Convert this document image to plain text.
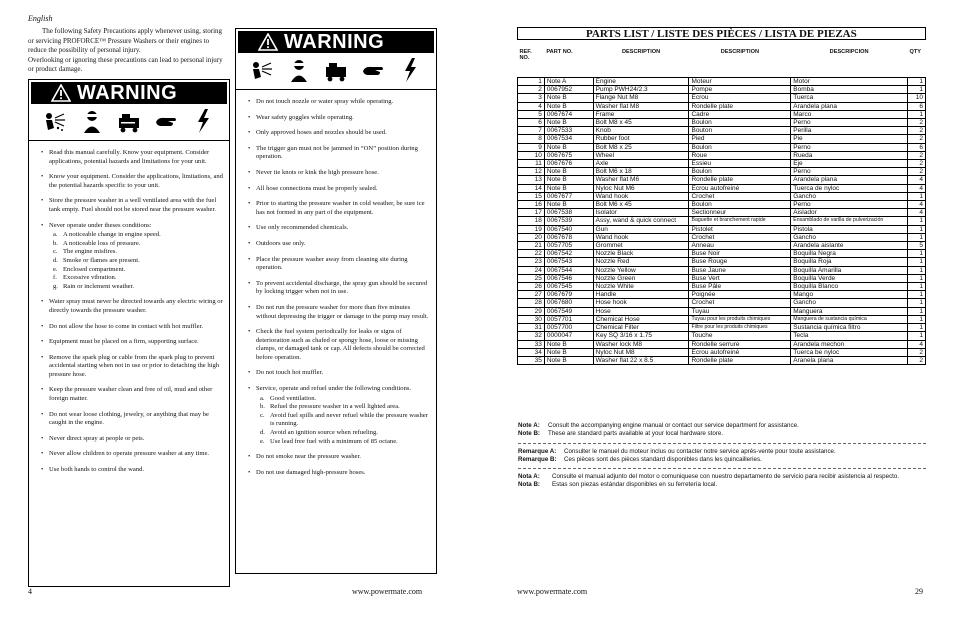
English
The following Safety Precautions apply whenever using, storing or servicing PROFORCE™ Pressure Washers or their engines to reduce the possibility of personal injury.
Overlooking or ignoring these precautions can lead to personal injury or product damage.
WARNING
• Read this manual carefully. Know your equipment. Consider applications, potential hazards and limitations for your unit.
• Know your equipment. Consider the applications, limitations, and the potential hazards specific to your unit.
• Store the pressure washer in a well ventilated area with the fuel tank empty. Fuel should not be stored near the pressure washer.
• Never operate under theses conditions:
a. A noticeable change in engine speed.
b. A noticeable loss of pressure.
c. The engine misfires.
d. Smoke or flames are present.
e. Enclosed compartment.
f. Excessive vibration.
g. Rain or inclement weather.
• Water spray must never be directed towards any electric wiring or directly towards the pressure washer.
• Do not allow the hose to come in contact with hot muffler.
• Equipment must be placed on a firm, supporting surface.
• Remove the spark plug or cable from the spark plug to prevent accidental starting when not in use or prior to detaching the high pressure hose.
• Keep the pressure washer clean and free of oil, mud and other foreign matter.
• Do not wear loose clothing, jewelry, or anything that may be caught in the engine.
• Never direct spray at people or pets.
• Never allow children to operate pressure washer at any time.
• Use both hands to control the wand.
WARNING
• Do not touch nozzle or water spray while operating.
• Wear safety goggles while operating.
• Only approved hoses and nozzles should be used.
• The trigger gun must not be jammed in “ON” position during operation.
• Never tie knots or kink the high pressure hose.
• All hose connections must be properly sealed.
• Prior to starting the pressure washer in cold weather, be sure ice has not formed in any part of the equipment.
• Use only recommended chemicals.
• Outdoors use only.
• Place the pressure washer away from cleaning site during operation.
• To prevent accidental discharge, the spray gun should be secured by locking trigger when not in use.
• Do not run the pressure washer for more than five minutes without depressing the trigger or damage to the pump may result.
• Check the fuel system periodically for leaks or signs of deterioration such as chafed or spongy hose, loose or missing clamps, or damaged tank or cap. All defects should be corrected before operation.
• Do not touch hot muffler.
• Service, operate and refuel under the following conditions.
a. Good ventilation.
b. Refuel the pressure washer in a well lighted area.
c. Avoid fuel spills and never refuel while the pressure washer is running.
d. Avoid an ignition source when refueling.
e. Use lead free fuel with a minimum of 85 octane.
• Do not smoke near the pressure washer.
• Do not use damaged high-pressure hoses.
4	www.powermate.com
PARTS LIST / LISTE DES PIÈCES / LISTA DE PIEZAS
REF. NO.	PART NO.	DESCRIPTION	DESCRIPTION	DESCRIPCION	QTY

1	Note A	Engine	Moteur	Motor	1
2	0067952	Pump PWH24/2.3	Pompe	Bomba	1
3	Note B	Flange Nut M8	Ecrou	Tuerca	10
4	Note B	Washer flat M8	Rondelle plate	Arandela plana	6
5	0067674	Frame	Cadre	Marco	1
6	Note B	Bolt M8 x 45	Boulon	Perno	2
7	0067533	Knob	Bouton	Perilla	2
8	0067534	Rubber foot	Pied	Pie	2
9	Note B	Bolt M8 x 25	Boulon	Perno	6
10	0067675	Wheel	Roue	Rueda	2
11	0067676	Axle	Essieu	Eje	2
12	Note B	Bolt M6 x 18	Boulon	Perno	2
13	Note B	Washer flat M6	Rondelle plate	Arandela plana	4
14	Note B	Nyloc Nut M6	Ecrou autofreiné	Tuerca de nyloc	4
15	0067677	Wand hook	Crochet	Gancho	1
16	Note B	Bolt M6 x 45	Boulon	Perno	4
17	0067538	Isolator	Sectionneur	Aislador	4
18	0067539	Assy, wand & quick connect	Baguette et branchement rapide	Ensamblado de varilla de pulverización	1
19	0067540	Gun	Pistolet	Pistola	1
20	0067678	Wand hook	Crochet	Gancho	1
21	0057705	Grommet	Anneau	Arandela aislante	5
22	0067542	Nozzle Black	Buse Noir	Boquilla Negra	1
23	0067543	Nozzle Red	Buse Rouge	Boquilla Roja	1
24	0067544	Nozzle Yellow	Buse Jaune	Boquilla Amarilla	1
25	0067546	Nozzle Green	Buse Vert	Boquilla Verde	1
26	0067545	Nozzle White	Buse Pâle	Boquilla Blanco	1
27	0067679	Handle	Poignée	Mango	1
28	0067680	Hose hook	Crochet	Gancho	1
29	0067549	Hose	Tuyau	Manguera	1
30	0057701	Chemical Hose	Tuyau pour les produits chimiques	Manguera de sustancia química	1
31	0057700	Chemical Filter	Filtre pour les produits chimiques	Sustancia química filtro	1
32	0000047	Key SQ 3/16 x 1.75	Touche	Tecla	1
33	Note B	Washer lock M8	Rondelle serrure	Arandela mechon	4
34	Note B	Nyloc Nut M8	Ecrou autofreiné	Tuerca be nyloc	2
35	Note B	Washer flat 22 x 8.5	Rondelle plate	Aranela plana	2
Note A:	Consult the accompanying engine manual or contact our service department for assistance.
Note B:	These are standard parts available at your local hardware store.
Remarque A:	Consulter le manuel du moteur inclus ou contacter notre service après-vente pour toute assistance.
Remarque B:	Ces pièces sont des pièces standard disponibles dans les quincailleries.
Nota A:	Consulte el manual adjunto del motor o comuniquese con nuestro departamento de servicio para recibir asistencia al respecto.
Nota B:	Estas son piezas estándar disponibles en su ferretería local.
www.powermate.com	29
